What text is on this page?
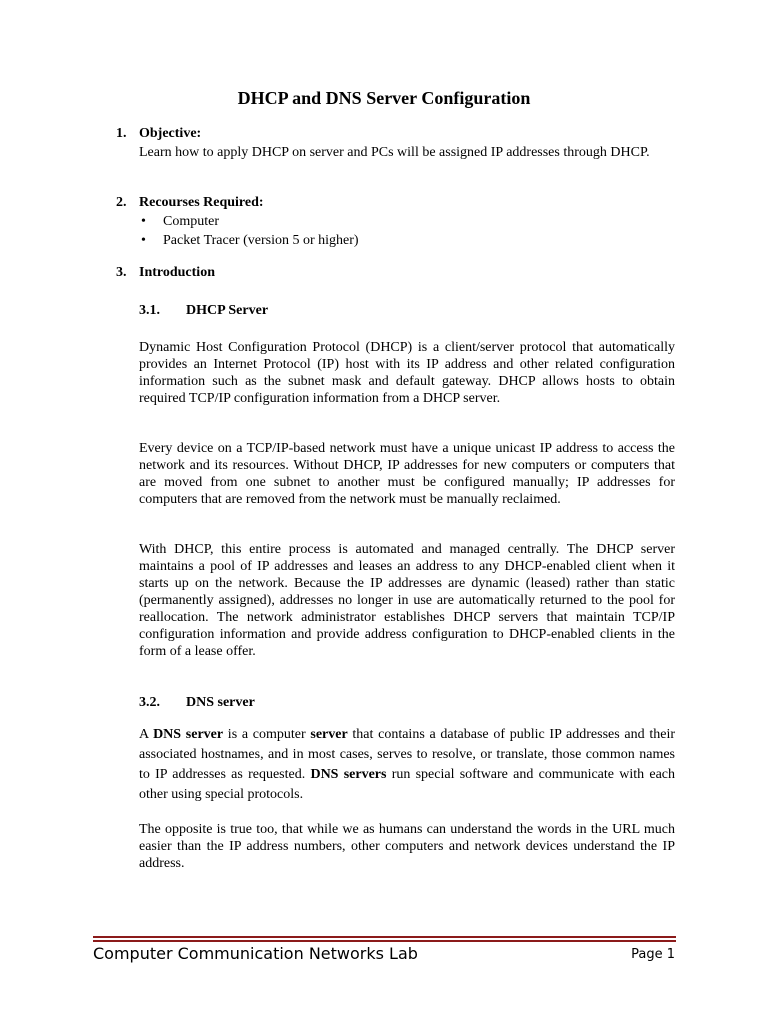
DHCP and DNS Server Configuration
1. Objective:
Learn how to apply DHCP on server and PCs will be assigned IP addresses through DHCP.
2. Recourses Required:
• Computer
• Packet Tracer (version 5 or higher)
3. Introduction
3.1. DHCP Server
Dynamic Host Configuration Protocol (DHCP) is a client/server protocol that automatically provides an Internet Protocol (IP) host with its IP address and other related configuration information such as the subnet mask and default gateway. DHCP allows hosts to obtain required TCP/IP configuration information from a DHCP server.
Every device on a TCP/IP-based network must have a unique unicast IP address to access the network and its resources. Without DHCP, IP addresses for new computers or computers that are moved from one subnet to another must be configured manually; IP addresses for computers that are removed from the network must be manually reclaimed.
With DHCP, this entire process is automated and managed centrally. The DHCP server maintains a pool of IP addresses and leases an address to any DHCP-enabled client when it starts up on the network. Because the IP addresses are dynamic (leased) rather than static (permanently assigned), addresses no longer in use are automatically returned to the pool for reallocation. The network administrator establishes DHCP servers that maintain TCP/IP configuration information and provide address configuration to DHCP-enabled clients in the form of a lease offer.
3.2. DNS server
A DNS server is a computer server that contains a database of public IP addresses and their associated hostnames, and in most cases, serves to resolve, or translate, those common names to IP addresses as requested. DNS servers run special software and communicate with each other using special protocols.
The opposite is true too, that while we as humans can understand the words in the URL much easier than the IP address numbers, other computers and network devices understand the IP address.
Computer Communication Networks Lab	Page 1
